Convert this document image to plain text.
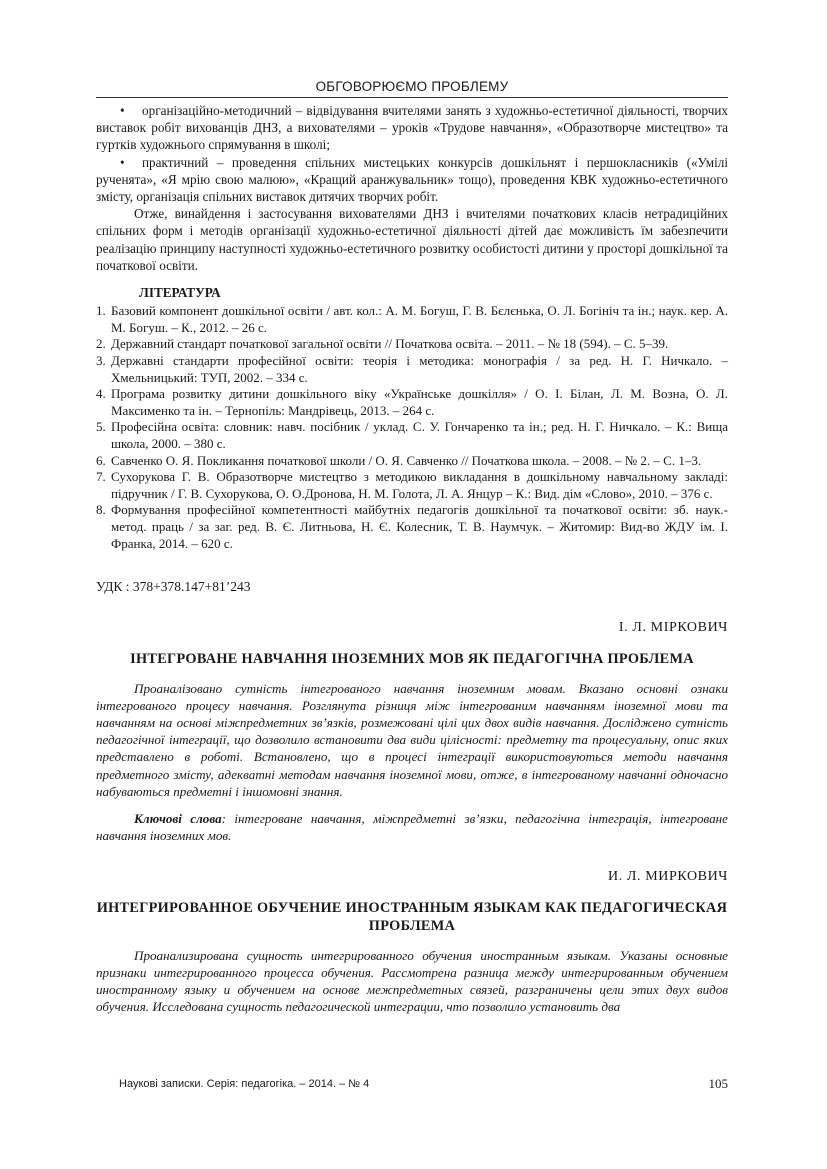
ОБГОВОРЮЄМО ПРОБЛЕМУ

• організаційно-методичний – відвідування вчителями занять з художньо-естетичної діяльності, творчих виставок робіт вихованців ДНЗ, а вихователями – уроків «Трудове навчання», «Образотворче мистецтво» та гуртків художнього спрямування в школі;

• практичний – проведення спільних мистецьких конкурсів дошкільнят і першокласників («Умілі рученята», «Я мрію свою малюю», «Кращий аранжувальник» тощо), проведення КВК художньо-естетичного змісту, організація спільних виставок дитячих творчих робіт.

Отже, винайдення і застосування вихователями ДНЗ і вчителями початкових класів нетрадиційних спільних форм і методів організації художньо-естетичної діяльності дітей дає можливість їм забезпечити реалізацію принципу наступності художньо-естетичного розвитку особистості дитини у просторі дошкільної та початкової освіти.

ЛІТЕРАТУРА
1. Базовий компонент дошкільної освіти / авт. кол.: А. М. Богуш, Г. В. Бєлєнька, О. Л. Богініч та ін.; наук. кер. А. М. Богуш. – К., 2012. – 26 с.
2. Державний стандарт початкової загальної освіти // Початкова освіта. – 2011. – № 18 (594). – С. 5–39.
3. Державні стандарти професійної освіти: теорія і методика: монографія / за ред. Н. Г. Ничкало. – Хмельницький: ТУП, 2002. – 334 с.
4. Програма розвитку дитини дошкільного віку «Українське дошкілля» / О. І. Білан, Л. М. Возна, О. Л. Максименко та ін. – Тернопіль: Мандрівець, 2013. – 264 с.
5. Професійна освіта: словник: навч. посібник / уклад. С. У. Гончаренко та ін.; ред. Н. Г. Ничкало. – К.: Вища школа, 2000. – 380 с.
6. Савченко О. Я. Покликання початкової школи / О. Я. Савченко // Початкова школа. – 2008. – № 2. – С. 1–3.
7. Сухорукова Г. В. Образотворче мистецтво з методикою викладання в дошкільному навчальному закладі: підручник / Г. В. Сухорукова, О. О.Дронова, Н. М. Голота, Л. А. Янцур – К.: Вид. дім «Слово», 2010. – 376 с.
8. Формування професійної компетентності майбутніх педагогів дошкільної та початкової освіти: зб. наук.-метод. праць / за заг. ред. В. Є. Литньова, Н. Є. Колесник, Т. В. Наумчук. – Житомир: Вид-во ЖДУ ім. І. Франка, 2014. – 620 с.
УДК : 378+378.147+81’243
І. Л. МІРКОВИЧ
ІНТЕГРОВАНЕ НАВЧАННЯ ІНОЗЕМНИХ МОВ ЯК ПЕДАГОГІЧНА ПРОБЛЕМА

Проаналізовано сутність інтегрованого навчання іноземним мовам. Вказано основні ознаки інтегрованого процесу навчання. Розглянута різниця між інтегрованим навчанням іноземної мови та навчанням на основі міжпредметних зв’язків, розмежовані цілі цих двох видів навчання. Досліджено сутність педагогічної інтеграції, що дозволило встановити два види цілісності: предметну та процесуальну, опис яких представлено в роботі. Встановлено, що в процесі інтеграції використовуються методи навчання предметного змісту, адекватні методам навчання іноземної мови, отже, в інтегрованому навчанні одночасно набуваються предметні і іншомовні знання.

Ключові слова: інтегроване навчання, міжпредметні зв’язки, педагогічна інтеграція, інтегроване навчання іноземних мов.

И. Л. МИРКОВИЧ
ИНТЕГРИРОВАННОЕ ОБУЧЕНИЕ ИНОСТРАННЫМ ЯЗЫКАМ КАК ПЕДАГОГИЧЕСКАЯ ПРОБЛЕМА

Проанализирована сущность интегрированного обучения иностранным языкам. Указаны основные признаки интегрированного процесса обучения. Рассмотрена разница между интегрированным обучением иностранному языку и обучением на основе межпредметных связей, разграничены цели этих двух видов обучения. Исследована сущность педагогической интеграции, что позволило установить два

Наукові записки. Серія: педагогіка. – 2014. – № 4	105
